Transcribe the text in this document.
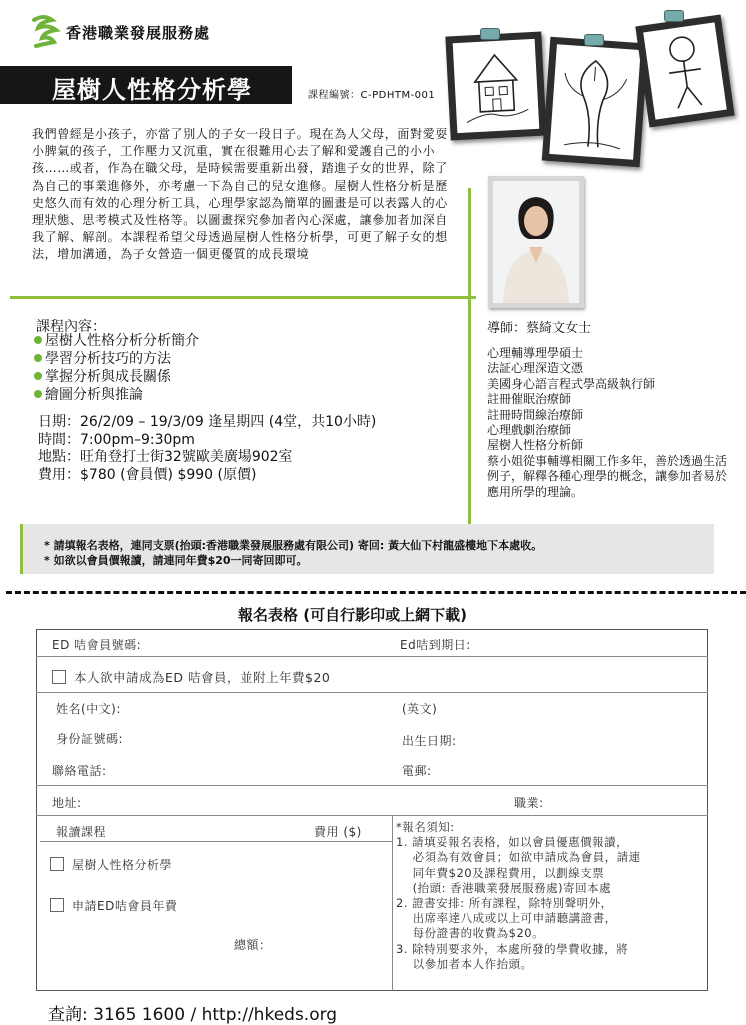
香港職業發展服務處
屋樹人性格分析學	課程編號：C-PDHTM-001
我們曾經是小孩子，亦當了別人的子女一段日子。現在為人父母，面對愛耍小脾氣的孩子，工作壓力又沉重，實在很難用心去了解和愛護自己的小小孩……或者，作為在職父母，是時候需要重新出發，踏進子女的世界，除了為自己的事業進修外，亦考慮一下為自己的兒女進修。屋樹人性格分析是歷史悠久而有效的心理分析工具，心理學家認為簡單的圖畫是可以表露人的心理狀態、思考模式及性格等。以圖畫探究參加者內心深處，讓參加者加深自我了解、解剖。本課程希望父母透過屋樹人性格分析學，可更了解子女的想法，增加溝通，為子女營造一個更優質的成長環境
課程內容：
屋樹人性格分析分析簡介
學習分析技巧的方法
掌握分析與成長關係
繪圖分析與推論
日期：26/2/09 – 19/3/09 逢星期四 (4堂，共10小時)
時間：7:00pm–9:30pm
地點：旺角登打士街32號歐美廣場902室
費用：$780 (會員價) $990 (原價)
導師：蔡綺文女士
心理輔導理學碩士
法証心理深造文憑
美國身心語言程式學高級執行師
註冊催眠治療師
註冊時間線治療師
心理戲劇治療師
屋樹人性格分析師
蔡小姐從事輔導相關工作多年，善於透過生活例子，解釋各種心理學的概念，讓參加者易於應用所學的理論。
* 請填報名表格，連同支票(抬頭:香港職業發展服務處有限公司) 寄回: 黃大仙下村龍盛樓地下本處收。
* 如欲以會員價報讀，請連同年費$20一同寄回即可。
報名表格 (可自行影印或上網下載)
ED 咭會員號碼:	Ed咭到期日:
本人欲申請成為ED 咭會員，並附上年費$20
姓名(中文):	(英文)
身份証號碼:	出生日期:
聯絡電話:	電郵:
地址:	職業:
報讀課程	費用 ($)
屋樹人性格分析學
申請ED咭會員年費
總額：
*報名須知:
1. 請填妥報名表格，如以會員優惠價報讀，
必須為有效會員；如欲申請成為會員，請連
同年費$20及課程費用，以劃線支票
(抬頭: 香港職業發展服務處)寄回本處
2. 證書安排: 所有課程，除特別聲明外，
出席率達八成或以上可申請聽講證書，
每份證書的收費為$20。
3. 除特別要求外，本處所發的學費收據，將
以參加者本人作抬頭。
查詢: 3165 1600 / http://hkeds.org
